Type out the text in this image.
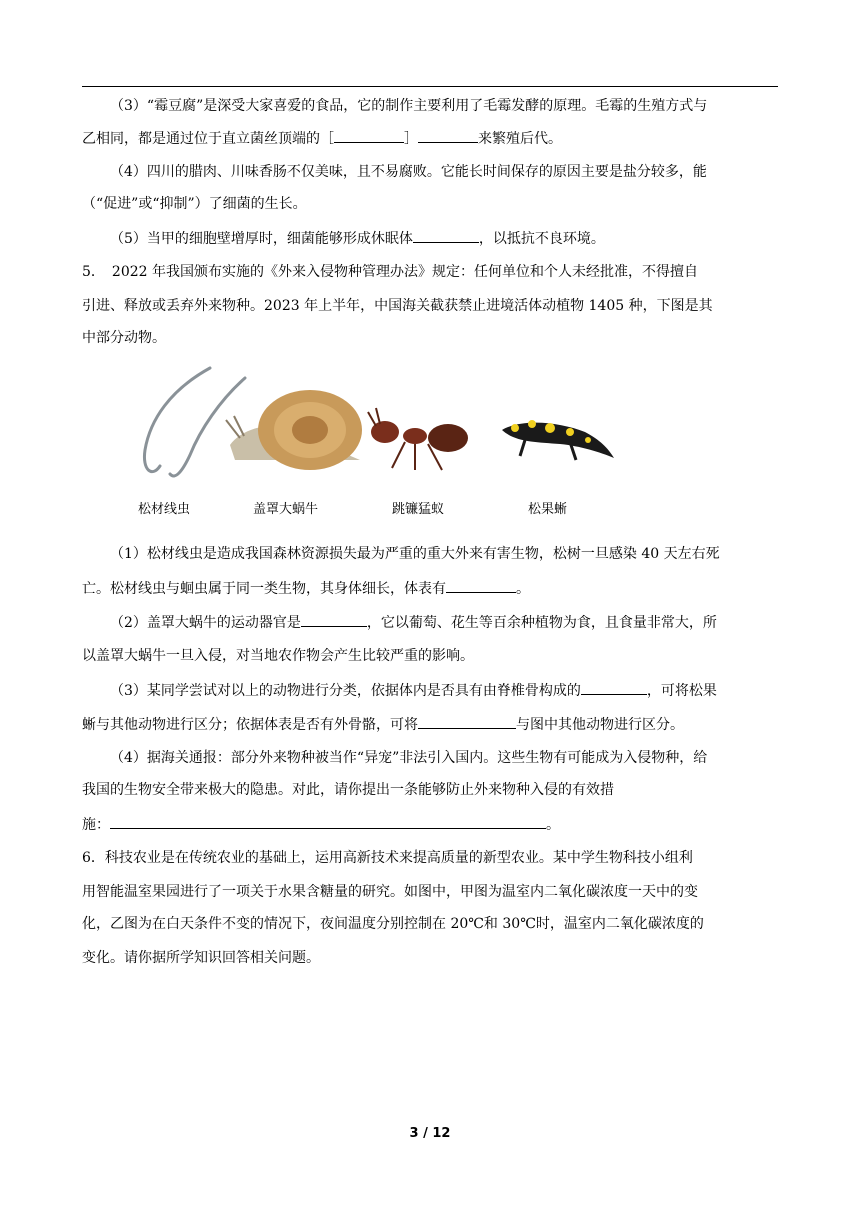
（3）“霉豆腐”是深受大家喜爱的食品，它的制作主要利用了毛霉发酵的原理。毛霉的生殖方式与
乙相同，都是通过位于直立菌丝顶端的［	］	来繁殖后代。
（4）四川的腊肉、川味香肠不仅美味，且不易腐败。它能长时间保存的原因主要是盐分较多，能
（“促进”或“抑制”）了细菌的生长。
（5）当甲的细胞壁增厚时，细菌能够形成休眠体	，以抵抗不良环境。
5．　2022 年我国颁布实施的《外来入侵物种管理办法》规定：任何单位和个人未经批准，不得擅自
引进、释放或丢弃外来物种。2023 年上半年，中国海关截获禁止进境活体动植物 1405 种，下图是其
中部分动物。
松材线虫	盖罩大蜗牛	跳镰猛蚁	松果蜥
（1）松材线虫是造成我国森林资源损失最为严重的重大外来有害生物，松树一旦感染 40 天左右死
亡。松材线虫与蛔虫属于同一类生物，其身体细长，体表有	。
（2）盖罩大蜗牛的运动器官是	，它以葡萄、花生等百余种植物为食，且食量非常大，所
以盖罩大蜗牛一旦入侵，对当地农作物会产生比较严重的影响。
（3）某同学尝试对以上的动物进行分类，依据体内是否具有由脊椎骨构成的	，可将松果
蜥与其他动物进行区分；依据体表是否有外骨骼，可将	与图中其他动物进行区分。
（4）据海关通报：部分外来物种被当作“异宠”非法引入国内。这些生物有可能成为入侵物种，给
我国的生物安全带来极大的隐患。对此，请你提出一条能够防止外来物种入侵的有效措
施：	。
6．科技农业是在传统农业的基础上，运用高新技术来提高质量的新型农业。某中学生物科技小组利
用智能温室果园进行了一项关于水果含糖量的研究。如图中，甲图为温室内二氧化碳浓度一天中的变
化，乙图为在白天条件不变的情况下，夜间温度分别控制在 20℃和 30℃时，温室内二氧化碳浓度的
变化。请你据所学知识回答相关问题。
3 / 12
